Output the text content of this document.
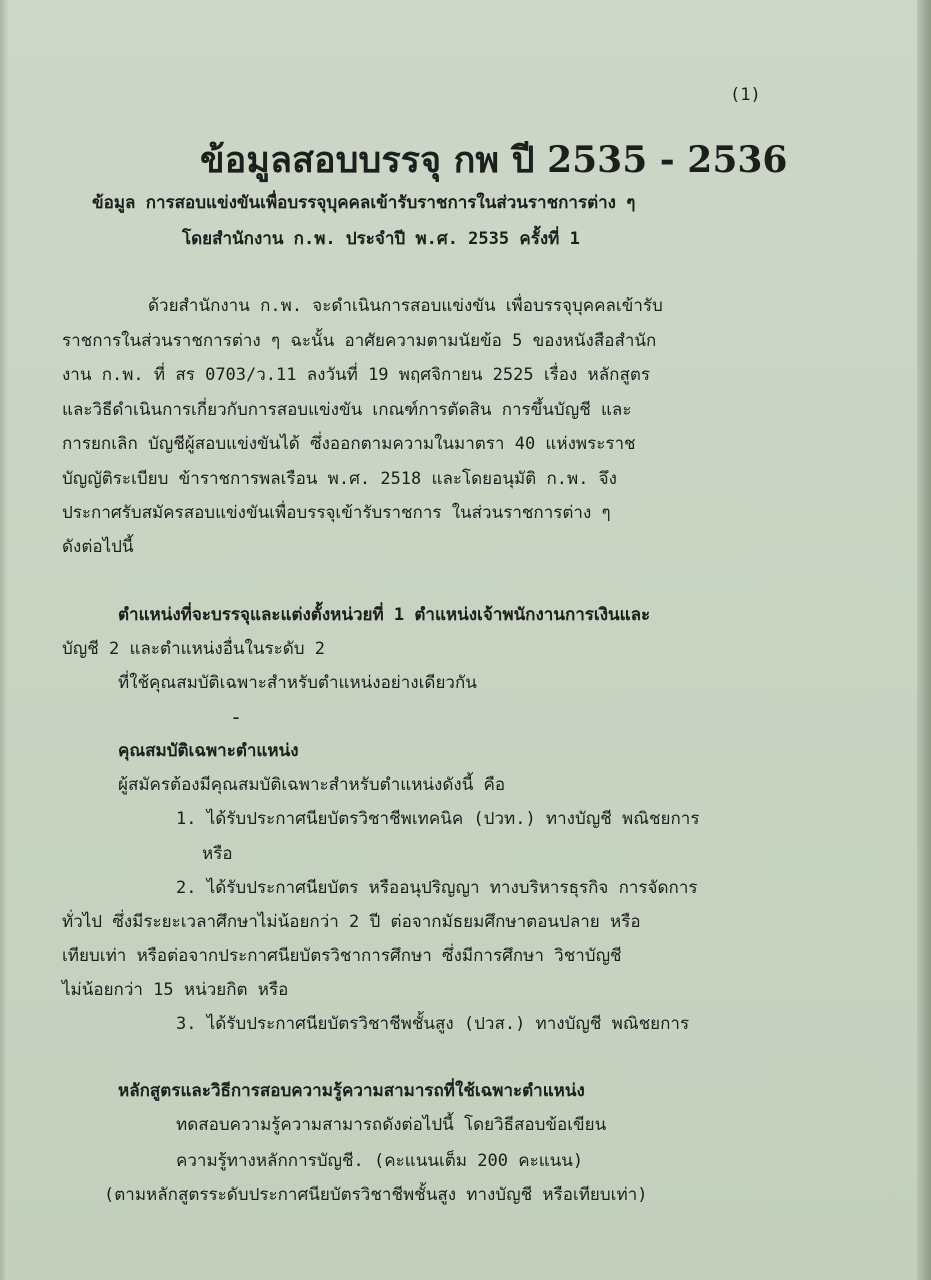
(1)
ข้อมูลสอบบรรจุ กพ ปี 2535 - 2536
ข้อมูล การสอบแข่งขันเพื่อบรรจุบุคคลเข้ารับราชการในส่วนราชการต่าง ๆ
โดยสำนักงาน ก.พ. ประจำปี พ.ศ. 2535 ครั้งที่ 1
ด้วยสำนักงาน ก.พ. จะดำเนินการสอบแข่งขัน เพื่อบรรจุบุคคลเข้ารับ
ราชการในส่วนราชการต่าง ๆ ฉะนั้น อาศัยความตามนัยข้อ 5 ของหนังสือสำนัก
งาน ก.พ. ที่ สร 0703/ว.11 ลงวันที่ 19 พฤศจิกายน 2525 เรื่อง หลักสูตร
และวิธีดำเนินการเกี่ยวกับการสอบแข่งขัน เกณฑ์การตัดสิน การขึ้นบัญชี และ
การยกเลิก บัญชีผู้สอบแข่งขันได้ ซึ่งออกตามความในมาตรา 40 แห่งพระราช
บัญญัติระเบียบ ข้าราชการพลเรือน พ.ศ. 2518 และโดยอนุมัติ ก.พ. จึง
ประกาศรับสมัครสอบแข่งขันเพื่อบรรจุเข้ารับราชการ ในส่วนราชการต่าง ๆ
ดังต่อไปนี้
ตำแหน่งที่จะบรรจุและแต่งตั้งหน่วยที่ 1 ตำแหน่งเจ้าพนักงานการเงินและ
บัญชี 2 และตำแหน่งอื่นในระดับ 2
ที่ใช้คุณสมบัติเฉพาะสำหรับตำแหน่งอย่างเดียวกัน
-
คุณสมบัติเฉพาะตำแหน่ง
ผู้สมัครต้องมีคุณสมบัติเฉพาะสำหรับตำแหน่งดังนี้ คือ
1. ได้รับประกาศนียบัตรวิชาชีพเทคนิค (ปวท.) ทางบัญชี พณิชยการ
หรือ
2. ได้รับประกาศนียบัตร หรืออนุปริญญา ทางบริหารธุรกิจ การจัดการ
ทั่วไป ซึ่งมีระยะเวลาศึกษาไม่น้อยกว่า 2 ปี ต่อจากมัธยมศึกษาตอนปลาย หรือ
เทียบเท่า หรือต่อจากประกาศนียบัตรวิชาการศึกษา ซึ่งมีการศึกษา วิชาบัญชี
ไม่น้อยกว่า 15 หน่วยกิต หรือ
3. ได้รับประกาศนียบัตรวิชาชีพชั้นสูง (ปวส.) ทางบัญชี พณิชยการ
หลักสูตรและวิธีการสอบความรู้ความสามารถที่ใช้เฉพาะตำแหน่ง
ทดสอบความรู้ความสามารถดังต่อไปนี้ โดยวิธีสอบข้อเขียน
ความรู้ทางหลักการบัญชี. (คะแนนเต็ม 200 คะแนน)
(ตามหลักสูตรระดับประกาศนียบัตรวิชาชีพชั้นสูง ทางบัญชี หรือเทียบเท่า)
